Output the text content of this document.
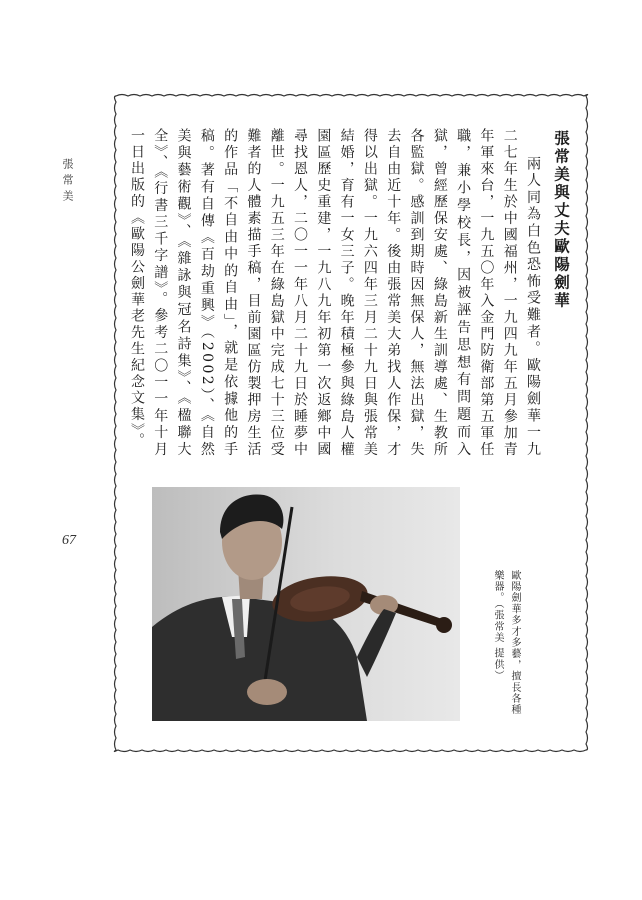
張常美
67

張常美與丈夫歐陽劍華

兩人同為白色恐怖受難者。歐陽劍華一九二七年生於中國福州，一九四九年五月參加青年軍來台，一九五〇年入金門防衛部第五軍任職，兼小學校長，因被誣告思想有問題而入獄，曾經歷保安處、綠島新生訓導處、生教所各監獄。感訓到期時因無保人，無法出獄，失去自由近十年。後由張常美大弟找人作保，才得以出獄。一九六四年三月二十九日與張常美結婚，育有一女三子。晚年積極參與綠島人權園區歷史重建，一九八九年初第一次返鄉中國尋找恩人，二〇一一年八月二十九日於睡夢中離世。一九五三年在綠島獄中完成七十三位受難者的人體素描手稿，目前園區仿製押房生活的作品「不自由中的自由」，就是依據他的手稿。著有自傳《百劫重興》（2002）、《自然美與藝術觀》、《雜詠與冠名詩集》、《楹聯大全》、《行書三千字譜》。參考二〇一一年十月一日出版的《歐陽公劍華老先生紀念文集》。

歐陽劍華多才多藝，擅長各種樂器。（張常美 提供）
